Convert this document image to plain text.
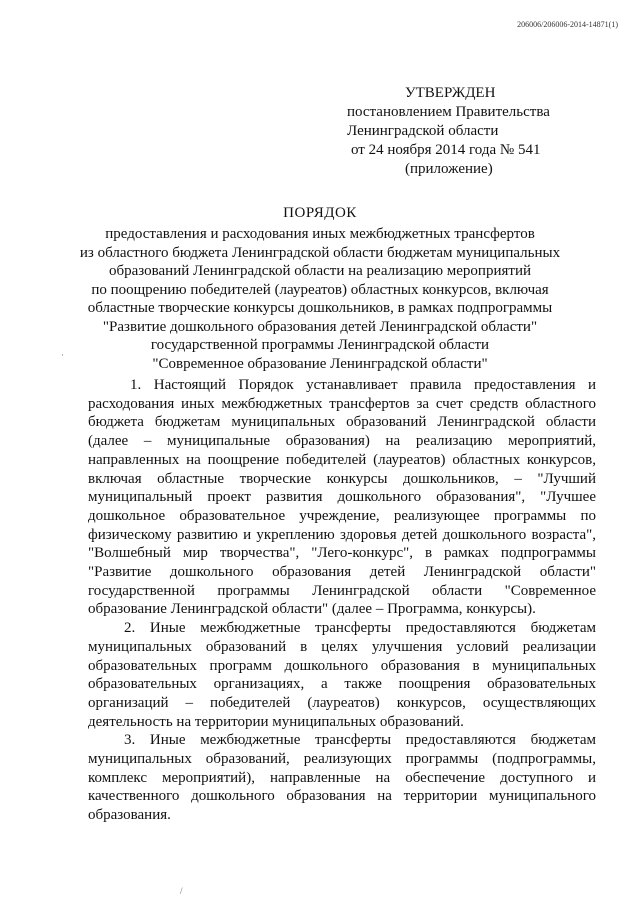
206006/206006-2014-14871(1)
УТВЕРЖДЕН
постановлением Правительства
Ленинградской области
от 24 ноября 2014 года № 541
(приложение)
ПОРЯДОК
предоставления и расходования иных межбюджетных трансфертов
из областного бюджета Ленинградской области бюджетам муниципальных
образований Ленинградской области на реализацию мероприятий
по поощрению победителей (лауреатов) областных конкурсов, включая
областные творческие конкурсы дошкольников, в рамках подпрограммы
"Развитие дошкольного образования детей Ленинградской области"
государственной программы Ленинградской области
"Современное образование Ленинградской области"

1. Настоящий Порядок устанавливает правила предоставления и расходования иных межбюджетных трансфертов за счет средств областного бюджета бюджетам муниципальных образований Ленинградской области (далее – муниципальные образования) на реализацию мероприятий, направленных на поощрение победителей (лауреатов) областных конкурсов, включая областные творческие конкурсы дошкольников, – "Лучший муниципальный проект развития дошкольного образования", "Лучшее дошкольное образовательное учреждение, реализующее программы по физическому развитию и укреплению здоровья детей дошкольного возраста", "Волшебный мир творчества", "Лего-конкурс", в рамках подпрограммы "Развитие дошкольного образования детей Ленинградской области" государственной программы Ленинградской области "Современное образование Ленинградской области" (далее – Программа, конкурсы).

2. Иные межбюджетные трансферты предоставляются бюджетам муниципальных образований в целях улучшения условий реализации образовательных программ дошкольного образования в муниципальных образовательных организациях, а также поощрения образовательных организаций – победителей (лауреатов) конкурсов, осуществляющих деятельность на территории муниципальных образований.

3. Иные межбюджетные трансферты предоставляются бюджетам муниципальных образований, реализующих программы (подпрограммы, комплекс мероприятий), направленные на обеспечение доступного и качественного дошкольного образования на территории муниципального образования.

·
/
